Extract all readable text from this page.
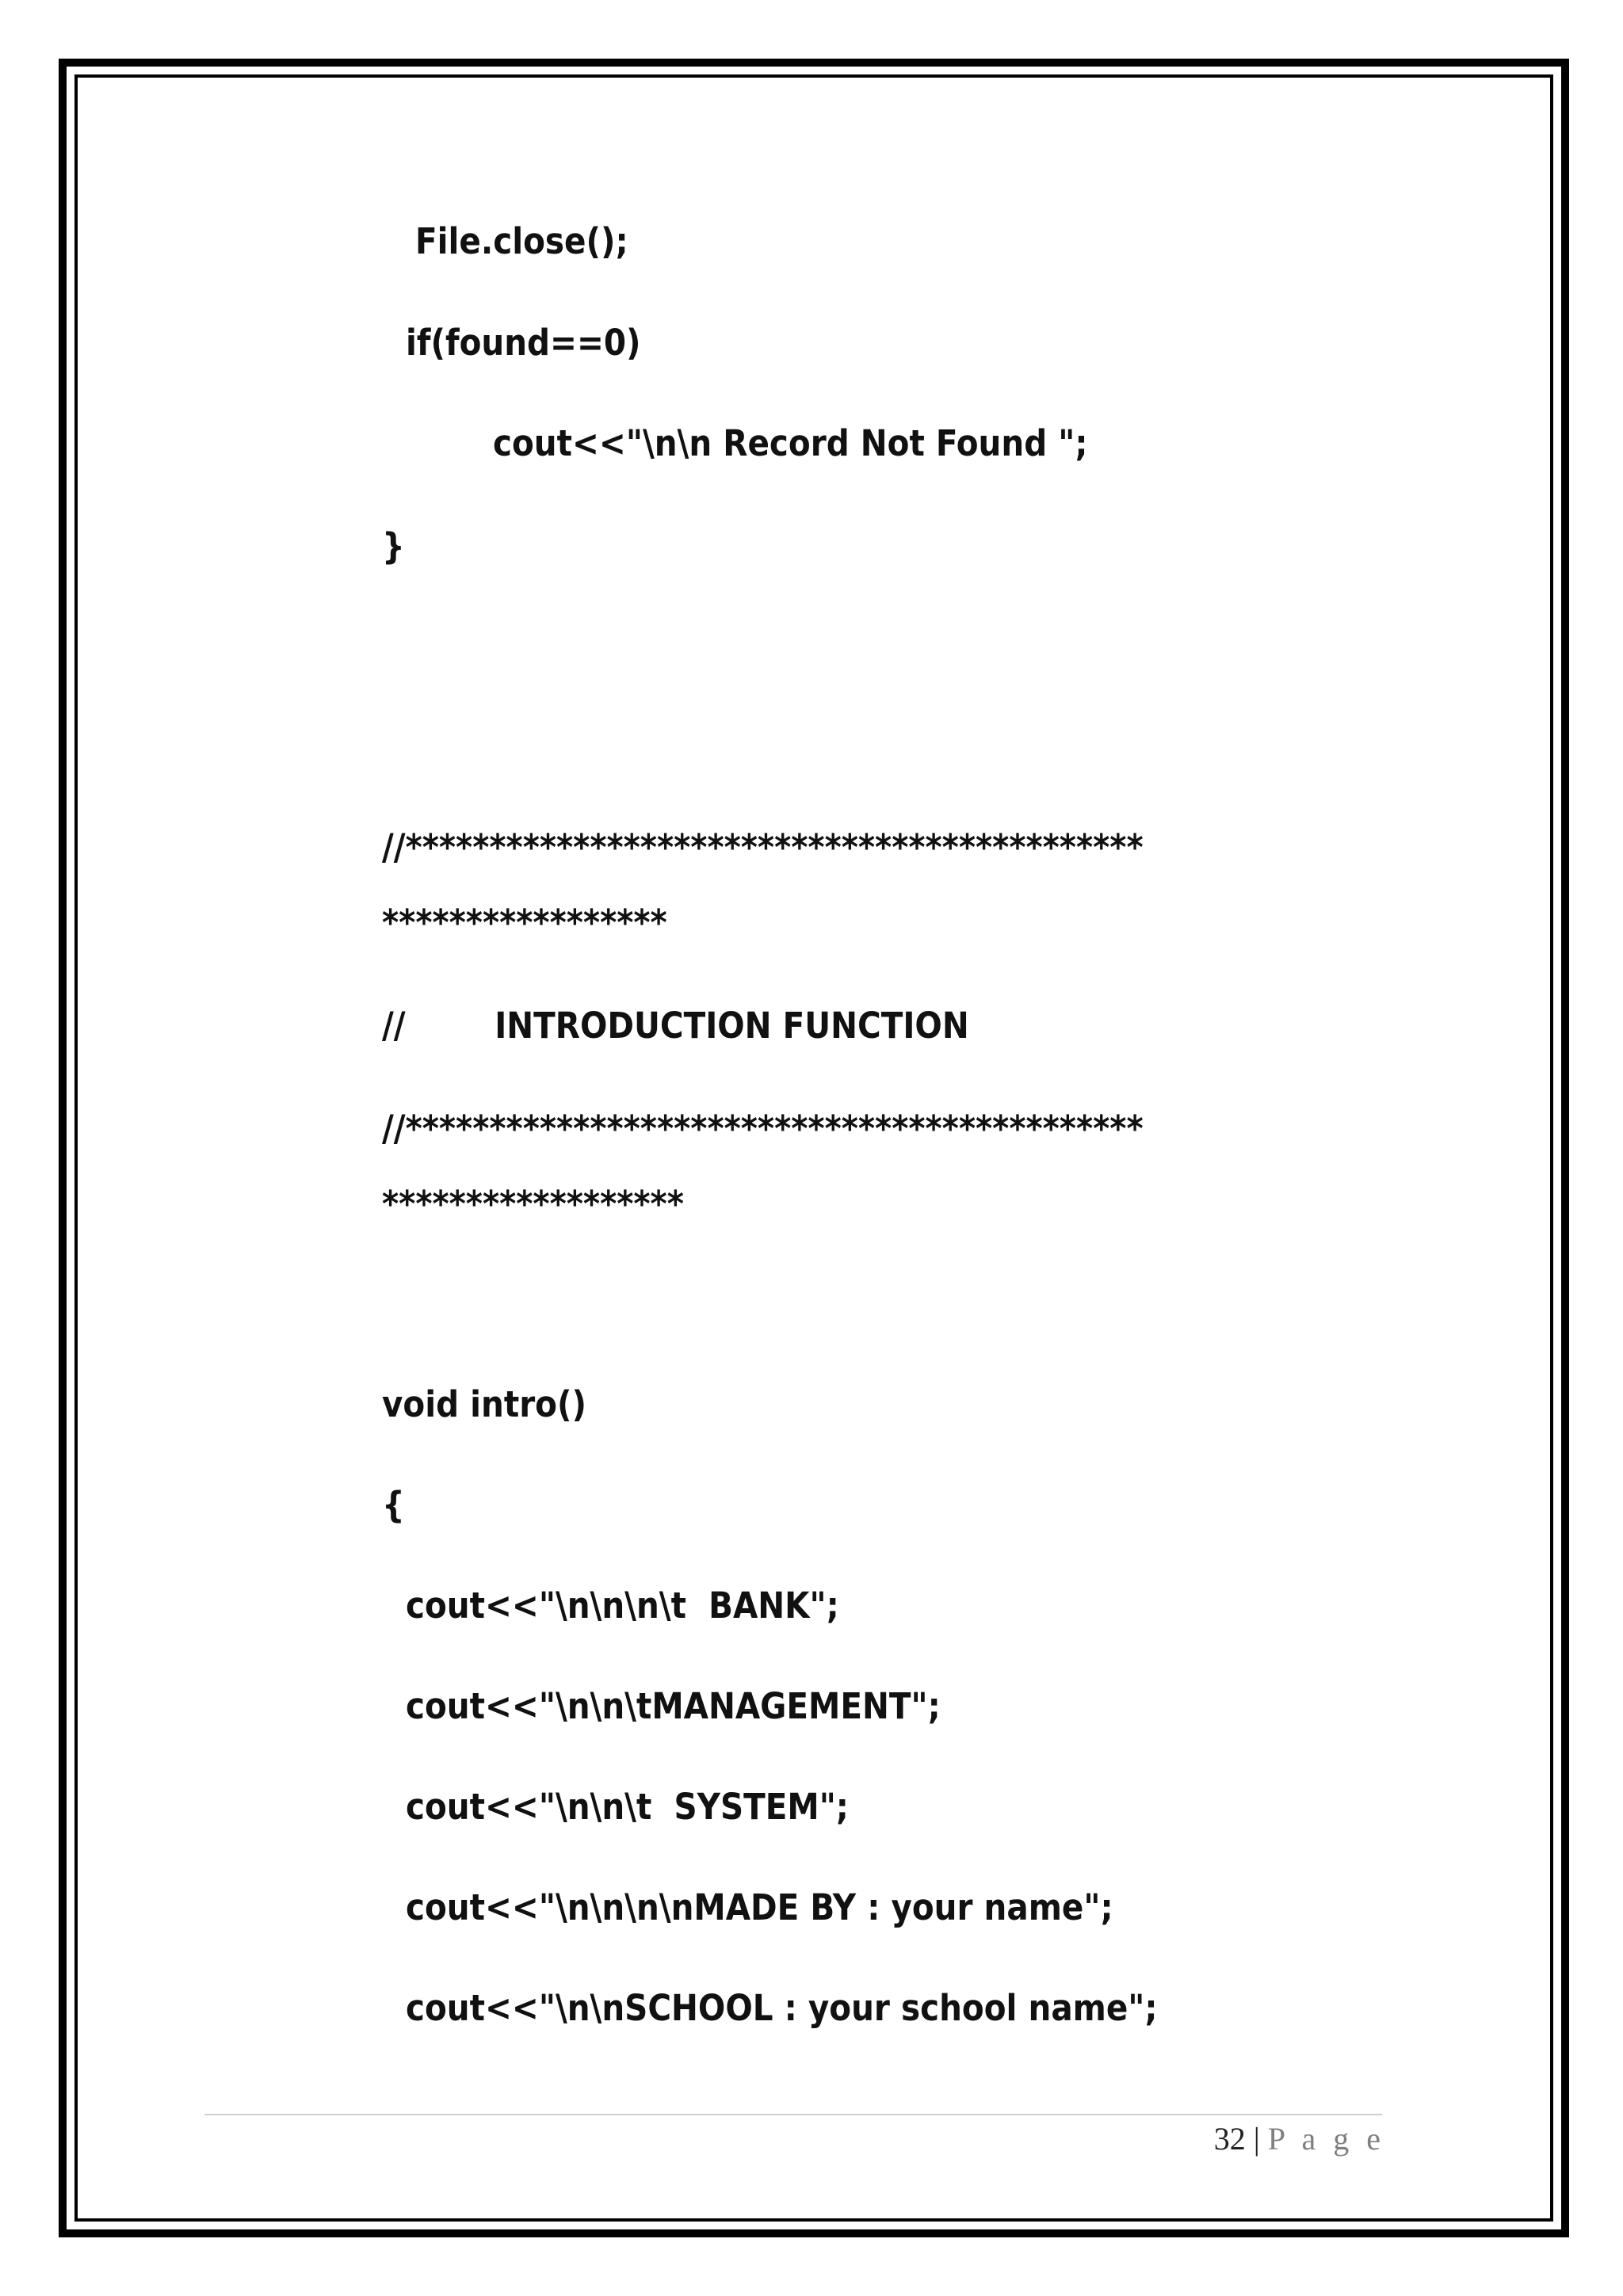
File.close();
if(found==0)
cout<<"\n\n Record Not Found ";
}
//********************************************
*****************
//        INTRODUCTION FUNCTION
//********************************************
******************
void intro()
{
cout<<"\n\n\n\t  BANK";
cout<<"\n\n\tMANAGEMENT";
cout<<"\n\n\t  SYSTEM";
cout<<"\n\n\n\nMADE BY : your name";
cout<<"\n\nSCHOOL : your school name";
32 | P a g e
